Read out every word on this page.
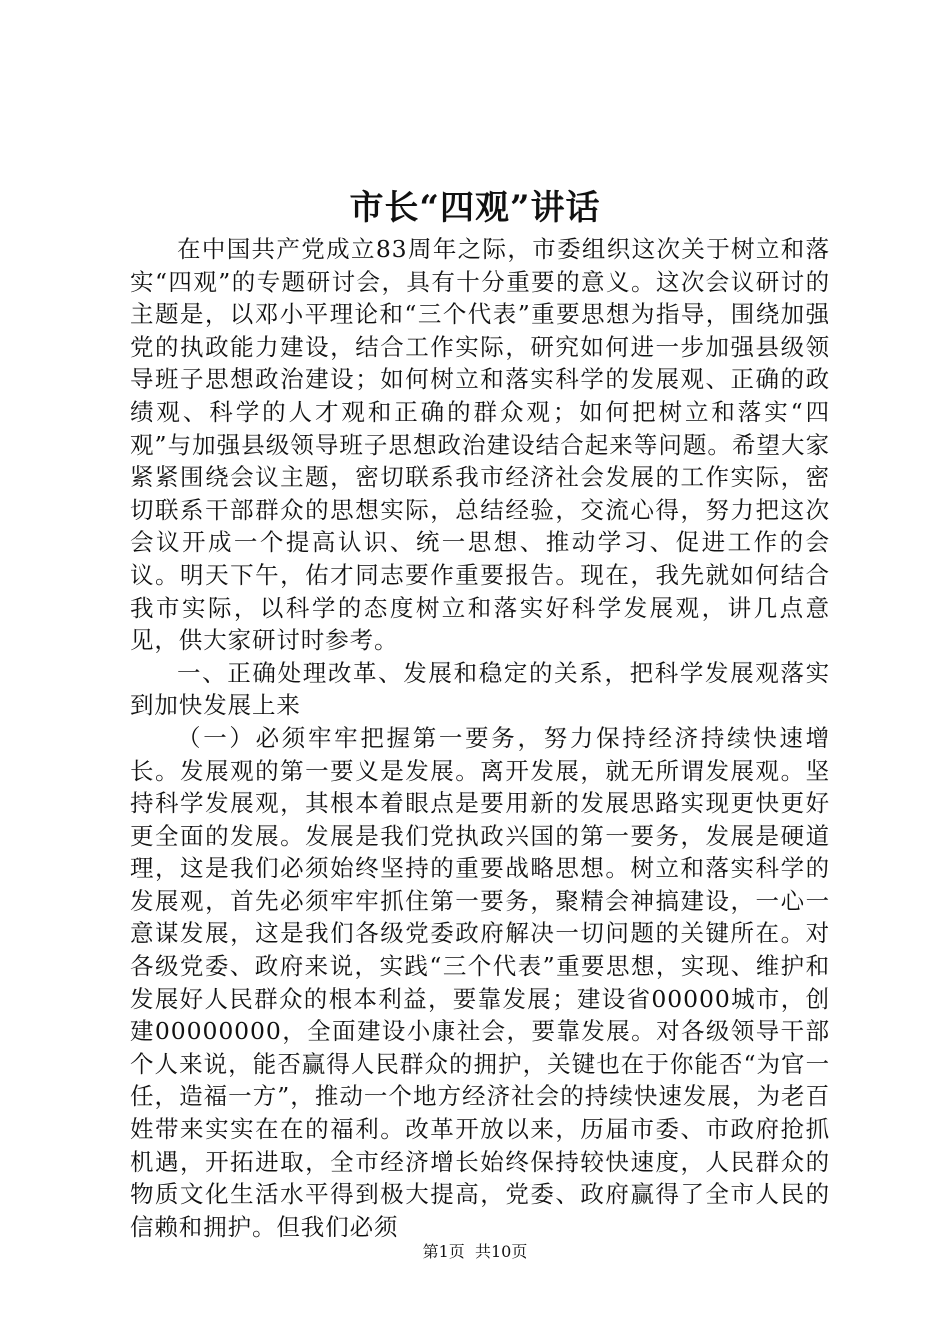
市长“四观”讲话

在中国共产党成立83周年之际，市委组织这次关于树立和落实“四观”的专题研讨会，具有十分重要的意义。这次会议研讨的主题是，以邓小平理论和“三个代表”重要思想为指导，围绕加强党的执政能力建设，结合工作实际，研究如何进一步加强县级领导班子思想政治建设；如何树立和落实科学的发展观、正确的政绩观、科学的人才观和正确的群众观；如何把树立和落实“四观”与加强县级领导班子思想政治建设结合起来等问题。希望大家紧紧围绕会议主题，密切联系我市经济社会发展的工作实际，密切联系干部群众的思想实际，总结经验，交流心得，努力把这次会议开成一个提高认识、统一思想、推动学习、促进工作的会议。明天下午，佑才同志要作重要报告。现在，我先就如何结合我市实际，以科学的态度树立和落实好科学发展观，讲几点意见，供大家研讨时参考。

一、正确处理改革、发展和稳定的关系，把科学发展观落实到加快发展上来

（一）必须牢牢把握第一要务，努力保持经济持续快速增长。发展观的第一要义是发展。离开发展，就无所谓发展观。坚持科学发展观，其根本着眼点是要用新的发展思路实现更快更好更全面的发展。发展是我们党执政兴国的第一要务，发展是硬道理，这是我们必须始终坚持的重要战略思想。树立和落实科学的发展观，首先必须牢牢抓住第一要务，聚精会神搞建设，一心一意谋发展，这是我们各级党委政府解决一切问题的关键所在。对各级党委、政府来说，实践“三个代表”重要思想，实现、维护和发展好人民群众的根本利益，要靠发展；建设省00000城市，创建00000000，全面建设小康社会，要靠发展。对各级领导干部个人来说，能否赢得人民群众的拥护，关键也在于你能否“为官一任，造福一方”，推动一个地方经济社会的持续快速发展，为老百姓带来实实在在的福利。改革开放以来，历届市委、市政府抢抓机遇，开拓进取，全市经济增长始终保持较快速度，人民群众的物质文化生活水平得到极大提高，党委、政府赢得了全市人民的信赖和拥护。但我们必须

第1页 共10页
